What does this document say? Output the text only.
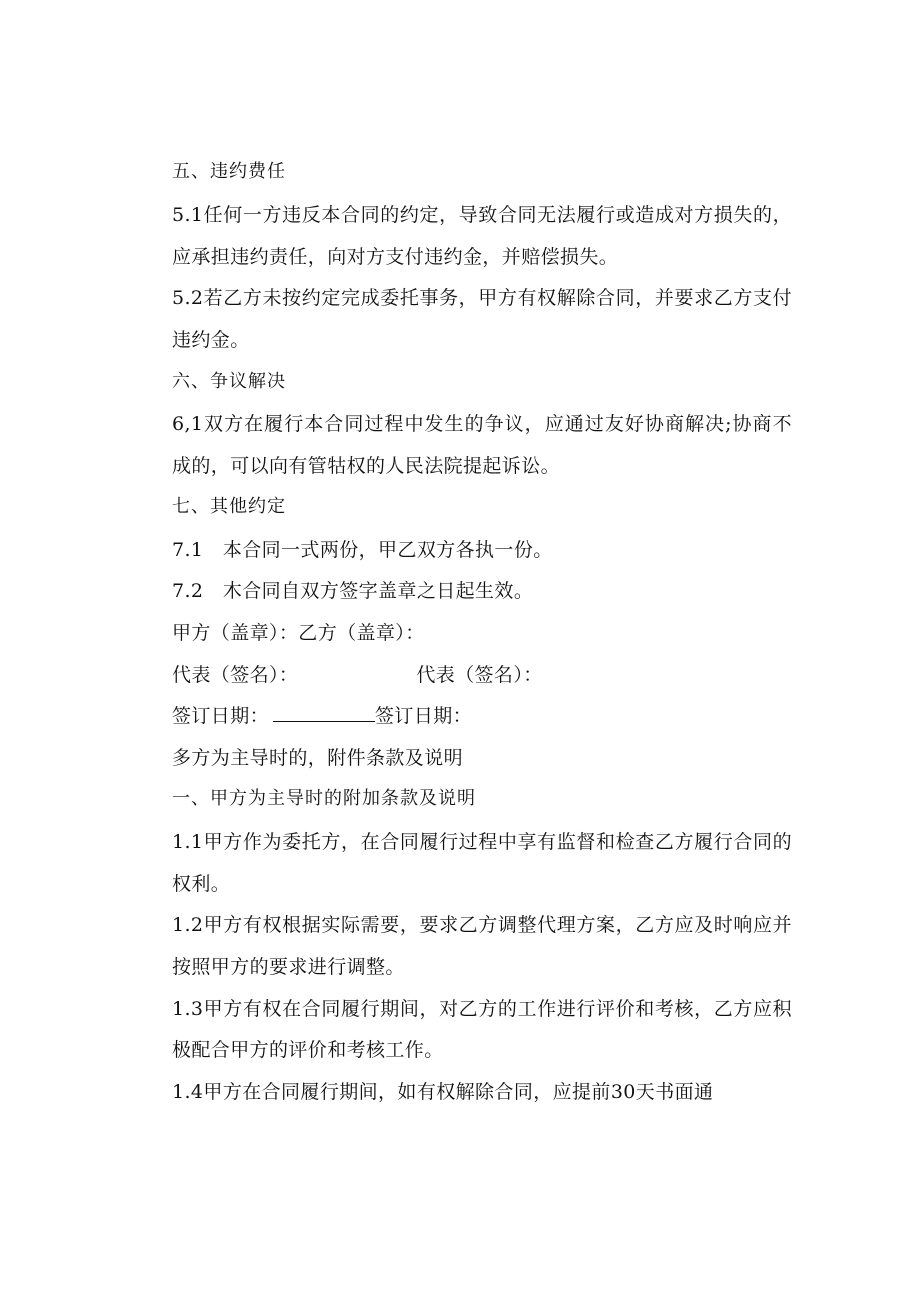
五、违约费任
5.1任何一方违反本合同的约定，导致合同无法履行或造成对方损失的，
应承担违约责任，向对方支付违约金，并赔偿损失。
5.2若乙方未按约定完成委托事务，甲方有权解除合同，并要求乙方支付
违约金。
六、争议解决
6,1双方在履行本合同过程中发生的争议，应通过友好协商解决;协商不
成的，可以向有管牯权的人民法院提起诉讼。
七、其他约定
7.1　本合同一式两份，甲乙双方各执一份。
7.2　木合同自双方签字盖章之日起生效。
甲方（盖章）：乙方（盖章）：
代表（签名）：	代表（签名）：
签订日期：	签订日期：
多方为主导时的，附件条款及说明
一、甲方为主导时的附加条款及说明
1.1甲方作为委托方，在合同履行过程中享有监督和检查乙方履行合同的
权利。
1.2甲方有权根据实际需要，要求乙方调整代理方案，乙方应及时响应并
按照甲方的要求进行调整。
1.3甲方有权在合同履行期间，对乙方的工作进行评价和考核，乙方应积
极配合甲方的评价和考核工作。
1.4甲方在合同履行期间，如有权解除合同，应提前30天书面通
